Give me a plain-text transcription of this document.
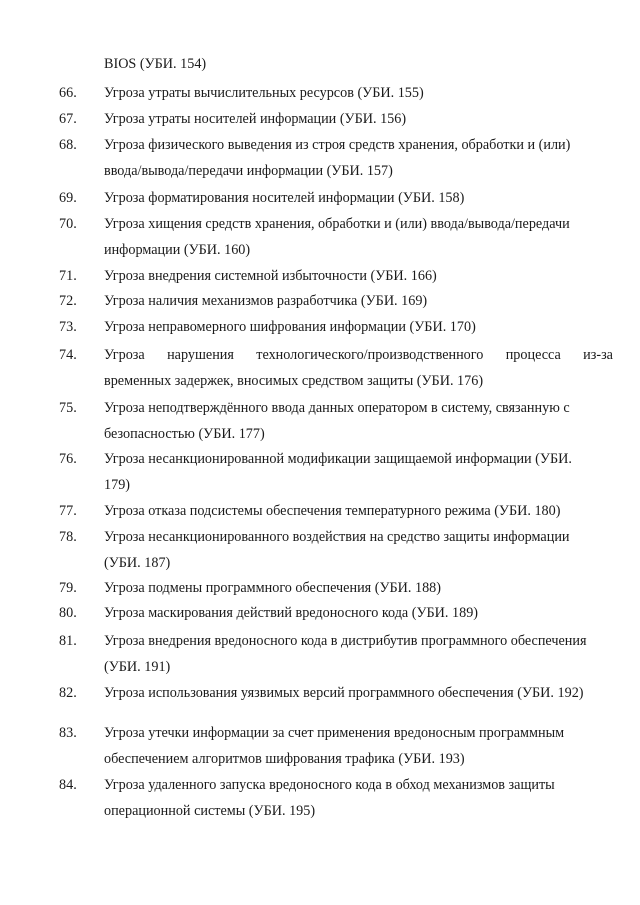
BIOS (УБИ. 154)
66. Угроза утраты вычислительных ресурсов (УБИ. 155)
67. Угроза утраты носителей информации (УБИ. 156)
68. Угроза физического выведения из строя средств хранения, обработки и (или)
ввода/вывода/передачи информации (УБИ. 157)
69. Угроза форматирования носителей информации (УБИ. 158)
70. Угроза хищения средств хранения, обработки и (или) ввода/вывода/передачи
информации (УБИ. 160)
71. Угроза внедрения системной избыточности (УБИ. 166)
72. Угроза наличия механизмов разработчика (УБИ. 169)
73. Угроза неправомерного шифрования информации (УБИ. 170)
74. Угроза нарушения технологического/производственного процесса из-за
временных задержек, вносимых средством защиты (УБИ. 176)
75. Угроза неподтверждённого ввода данных оператором в систему, связанную с
безопасностью (УБИ. 177)
76. Угроза несанкционированной модификации защищаемой информации (УБИ.
179)
77. Угроза отказа подсистемы обеспечения температурного режима (УБИ. 180)
78. Угроза несанкционированного воздействия на средство защиты информации
(УБИ. 187)
79. Угроза подмены программного обеспечения (УБИ. 188)
80. Угроза маскирования действий вредоносного кода (УБИ. 189)
81. Угроза внедрения вредоносного кода в дистрибутив программного обеспечения
(УБИ. 191)
82. Угроза использования уязвимых версий программного обеспечения (УБИ. 192)
83. Угроза утечки информации за счет применения вредоносным программным
обеспечением алгоритмов шифрования трафика (УБИ. 193)
84. Угроза удаленного запуска вредоносного кода в обход механизмов защиты
операционной системы (УБИ. 195)
